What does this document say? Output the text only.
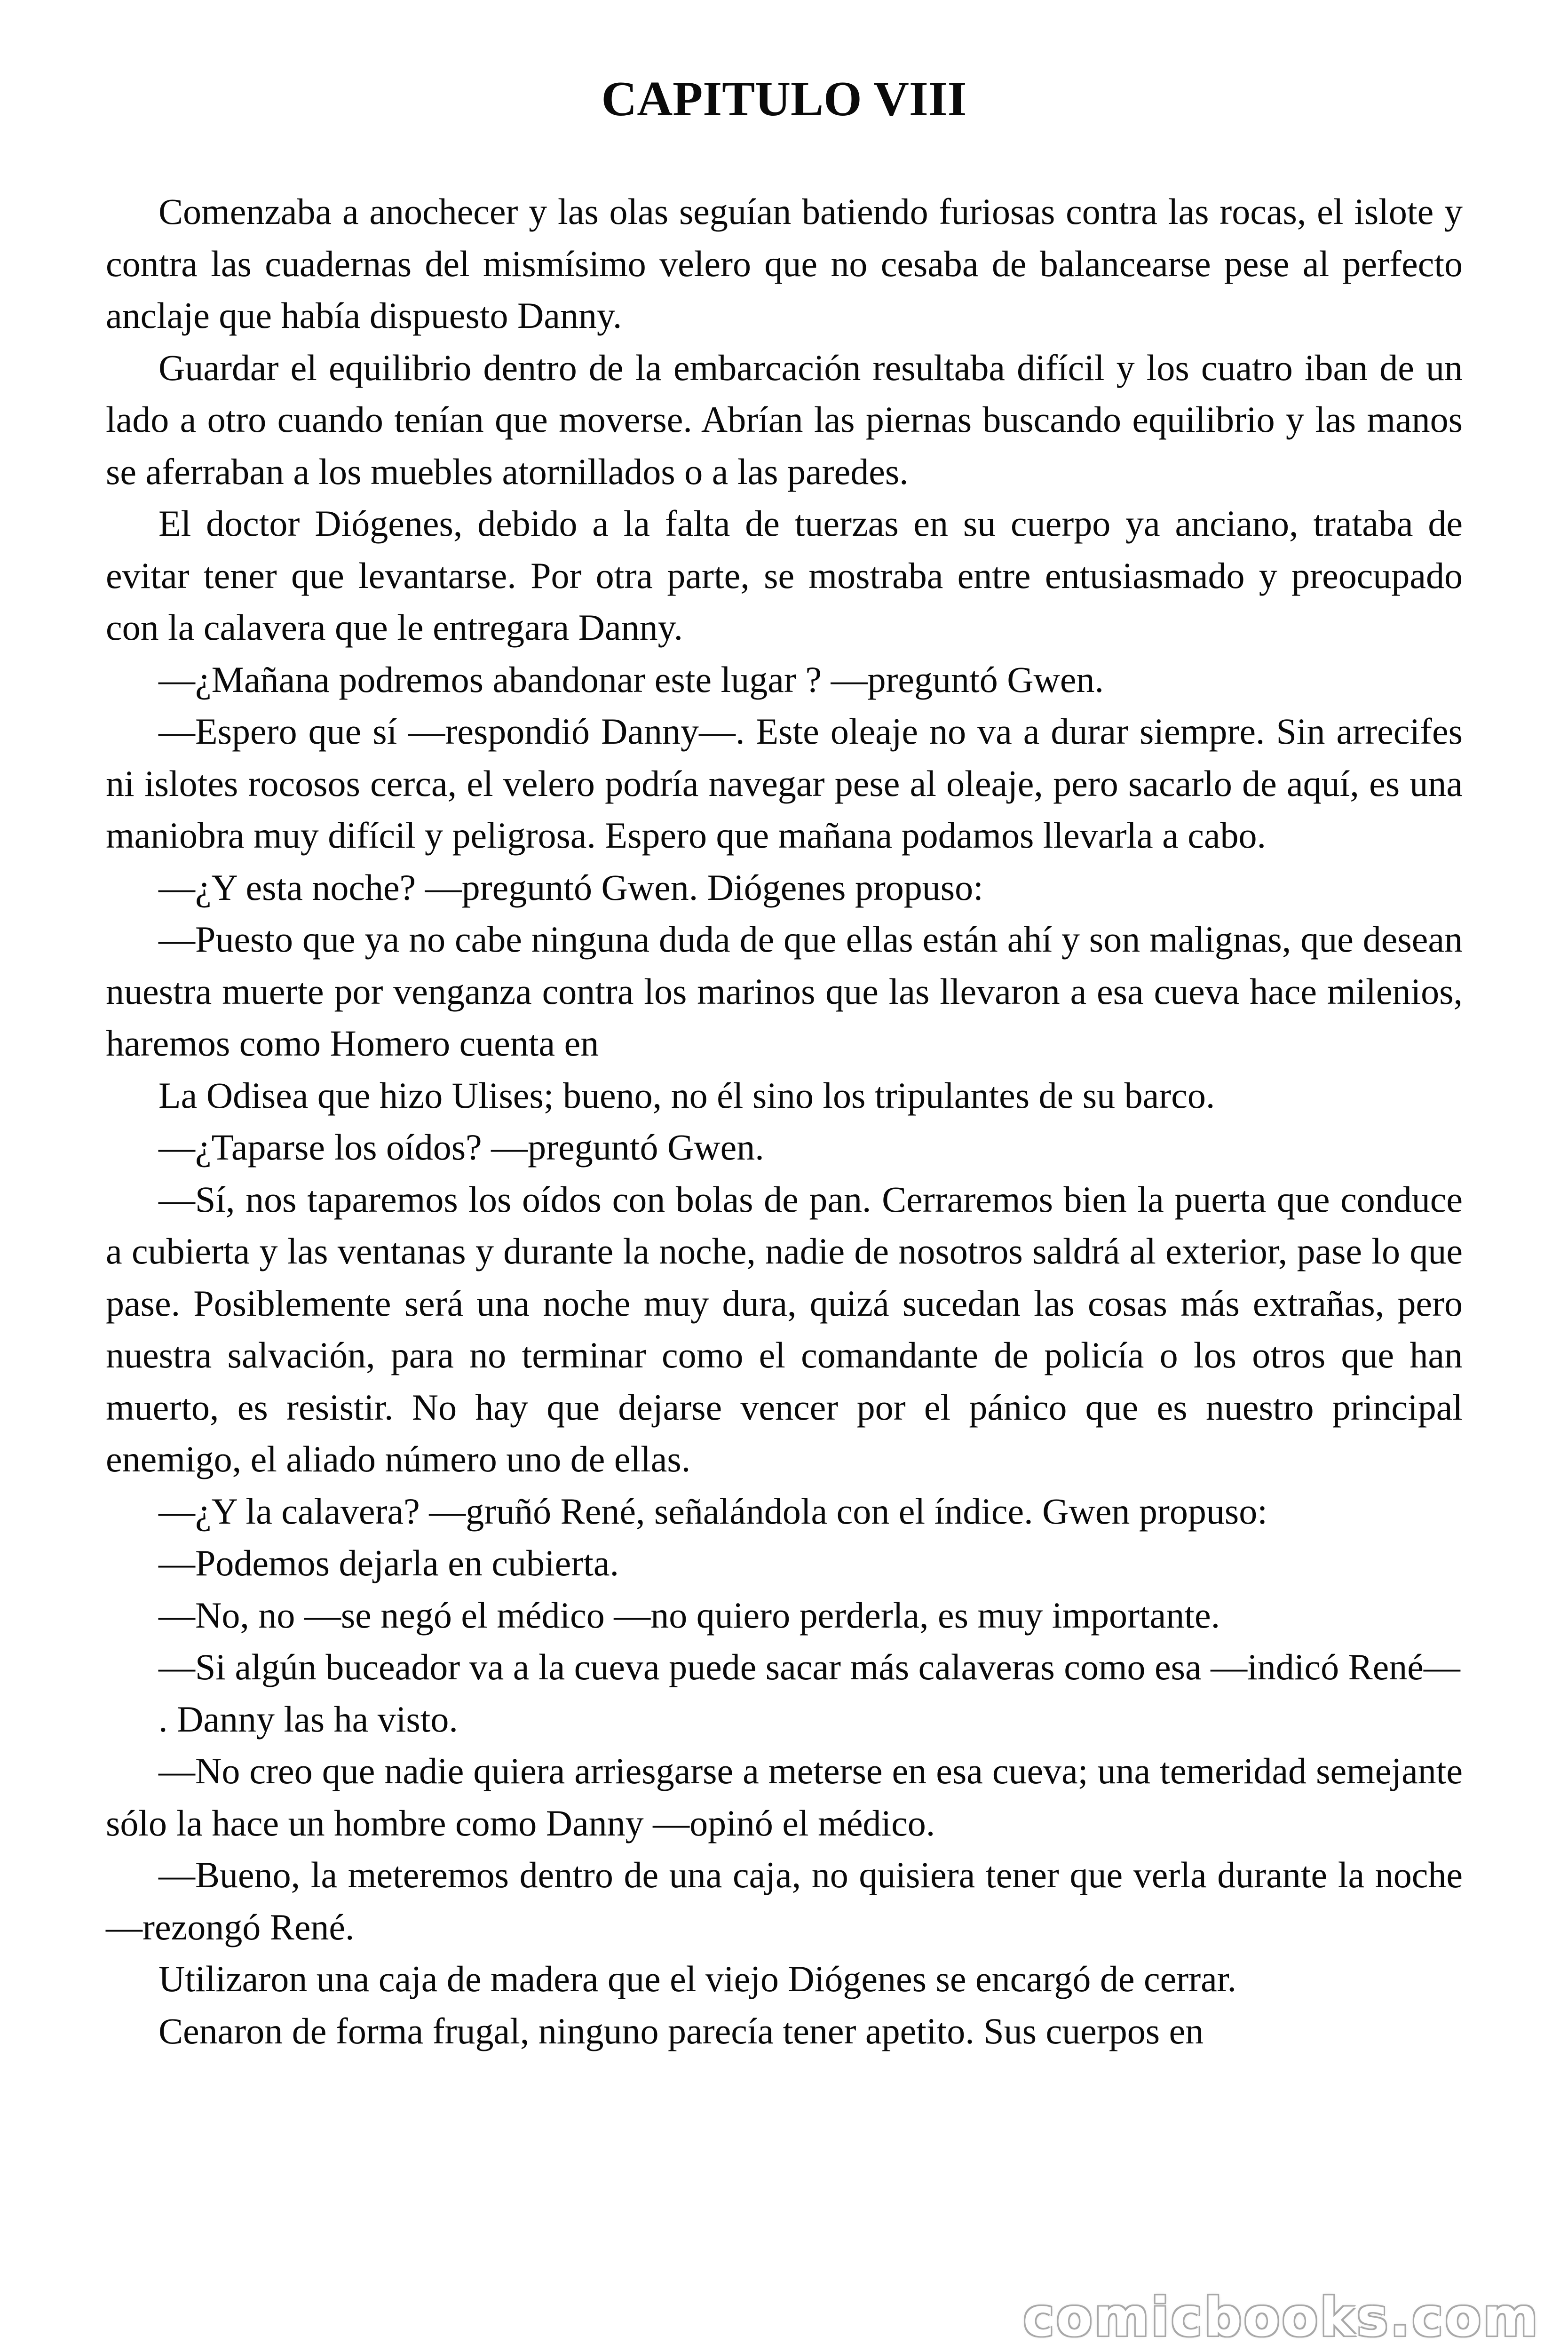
CAPITULO VIII

Comenzaba a anochecer y las olas seguían batiendo furiosas contra las rocas, el islote y contra las cuadernas del mismísimo velero que no cesaba de balancearse pese al perfecto anclaje que había dispuesto Danny.

Guardar el equilibrio dentro de la embarcación resultaba difícil y los cuatro iban de un lado a otro cuando tenían que moverse. Abrían las piernas buscando equilibrio y las manos se aferraban a los muebles atornillados o a las paredes.

El doctor Diógenes, debido a la falta de tuerzas en su cuerpo ya anciano, trataba de evitar tener que levantarse. Por otra parte, se mostraba entre entusiasmado y preocupado con la calavera que le entregara Danny.

—¿Mañana podremos abandonar este lugar ? —preguntó Gwen.

—Espero que sí —respondió Danny—. Este oleaje no va a durar siempre. Sin arrecifes ni islotes rocosos cerca, el velero podría navegar pese al oleaje, pero sacarlo de aquí, es una maniobra muy difícil y peligrosa. Espero que mañana podamos llevarla a cabo.

—¿Y esta noche? —preguntó Gwen. Diógenes propuso:

—Puesto que ya no cabe ninguna duda de que ellas están ahí y son malignas, que desean nuestra muerte por venganza contra los marinos que las llevaron a esa cueva hace milenios, haremos como Homero cuenta en

La Odisea que hizo Ulises; bueno, no él sino los tripulantes de su barco.

—¿Taparse los oídos? —preguntó Gwen.

—Sí, nos taparemos los oídos con bolas de pan. Cerraremos bien la puerta que conduce a cubierta y las ventanas y durante la noche, nadie de nosotros saldrá al exterior, pase lo que pase. Posiblemente será una noche muy dura, quizá sucedan las cosas más extrañas, pero nuestra salvación, para no terminar como el comandante de policía o los otros que han muerto, es resistir. No hay que dejarse vencer por el pánico que es nuestro principal enemigo, el aliado número uno de ellas.

—¿Y la calavera? —gruñó René, señalándola con el índice. Gwen propuso:

—Podemos dejarla en cubierta.

—No, no —se negó el médico —no quiero perderla, es muy importante.

—Si algún buceador va a la cueva puede sacar más calaveras como esa —indicó René—

. Danny las ha visto.

—No creo que nadie quiera arriesgarse a meterse en esa cueva; una temeridad semejante sólo la hace un hombre como Danny —opinó el médico.

—Bueno, la meteremos dentro de una caja, no quisiera tener que verla durante la noche —rezongó René.

Utilizaron una caja de madera que el viejo Diógenes se encargó de cerrar.

Cenaron de forma frugal, ninguno parecía tener apetito. Sus cuerpos en

comicbooks.com
